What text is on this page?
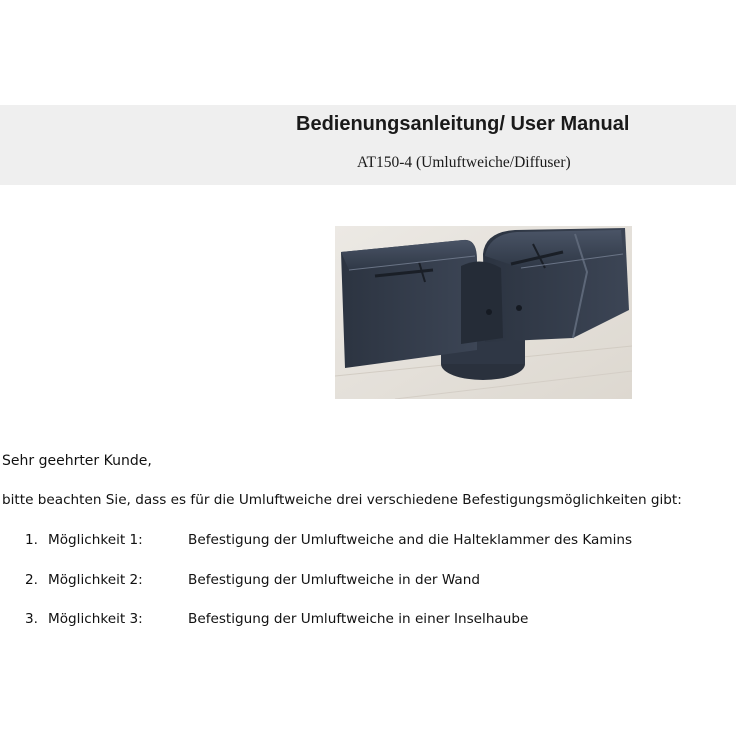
Bedienungsanleitung/ User Manual
AT150-4 (Umluftweiche/Diffuser)
Sehr geehrter Kunde,
bitte beachten Sie, dass es für die Umluftweiche drei verschiedene Befestigungsmöglichkeiten gibt:
1. Möglichkeit 1:	Befestigung der Umluftweiche and die Halteklammer des Kamins
2. Möglichkeit 2:	Befestigung der Umluftweiche in der Wand
3. Möglichkeit 3:	Befestigung der Umluftweiche in einer Inselhaube
